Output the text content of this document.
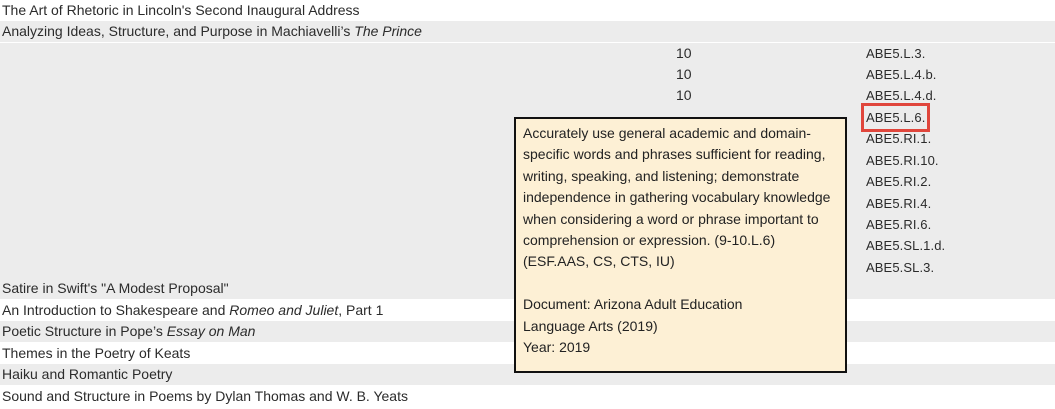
The Art of Rhetoric in Lincoln's Second Inaugural Address
Analyzing Ideas, Structure, and Purpose in Machiavelli’s The Prince
10
10
10
ABE5.L.3.
ABE5.L.4.b.
ABE5.L.4.d.
ABE5.L.6.
ABE5.RI.1.
ABE5.RI.10.
ABE5.RI.2.
ABE5.RI.4.
ABE5.RI.6.
ABE5.SL.1.d.
ABE5.SL.3.
Satire in Swift's "A Modest Proposal"
An Introduction to Shakespeare and Romeo and Juliet, Part 1
Poetic Structure in Pope’s Essay on Man
Themes in the Poetry of Keats
Haiku and Romantic Poetry
Sound and Structure in Poems by Dylan Thomas and W. B. Yeats

Accurately use general academic and domain-specific words and phrases sufficient for reading, writing, speaking, and listening; demonstrate independence in gathering vocabulary knowledge when considering a word or phrase important to comprehension or expression. (9-10.L.6) (ESF.AAS, CS, CTS, IU)

Document: Arizona Adult Education

Language Arts (2019)

Year: 2019
